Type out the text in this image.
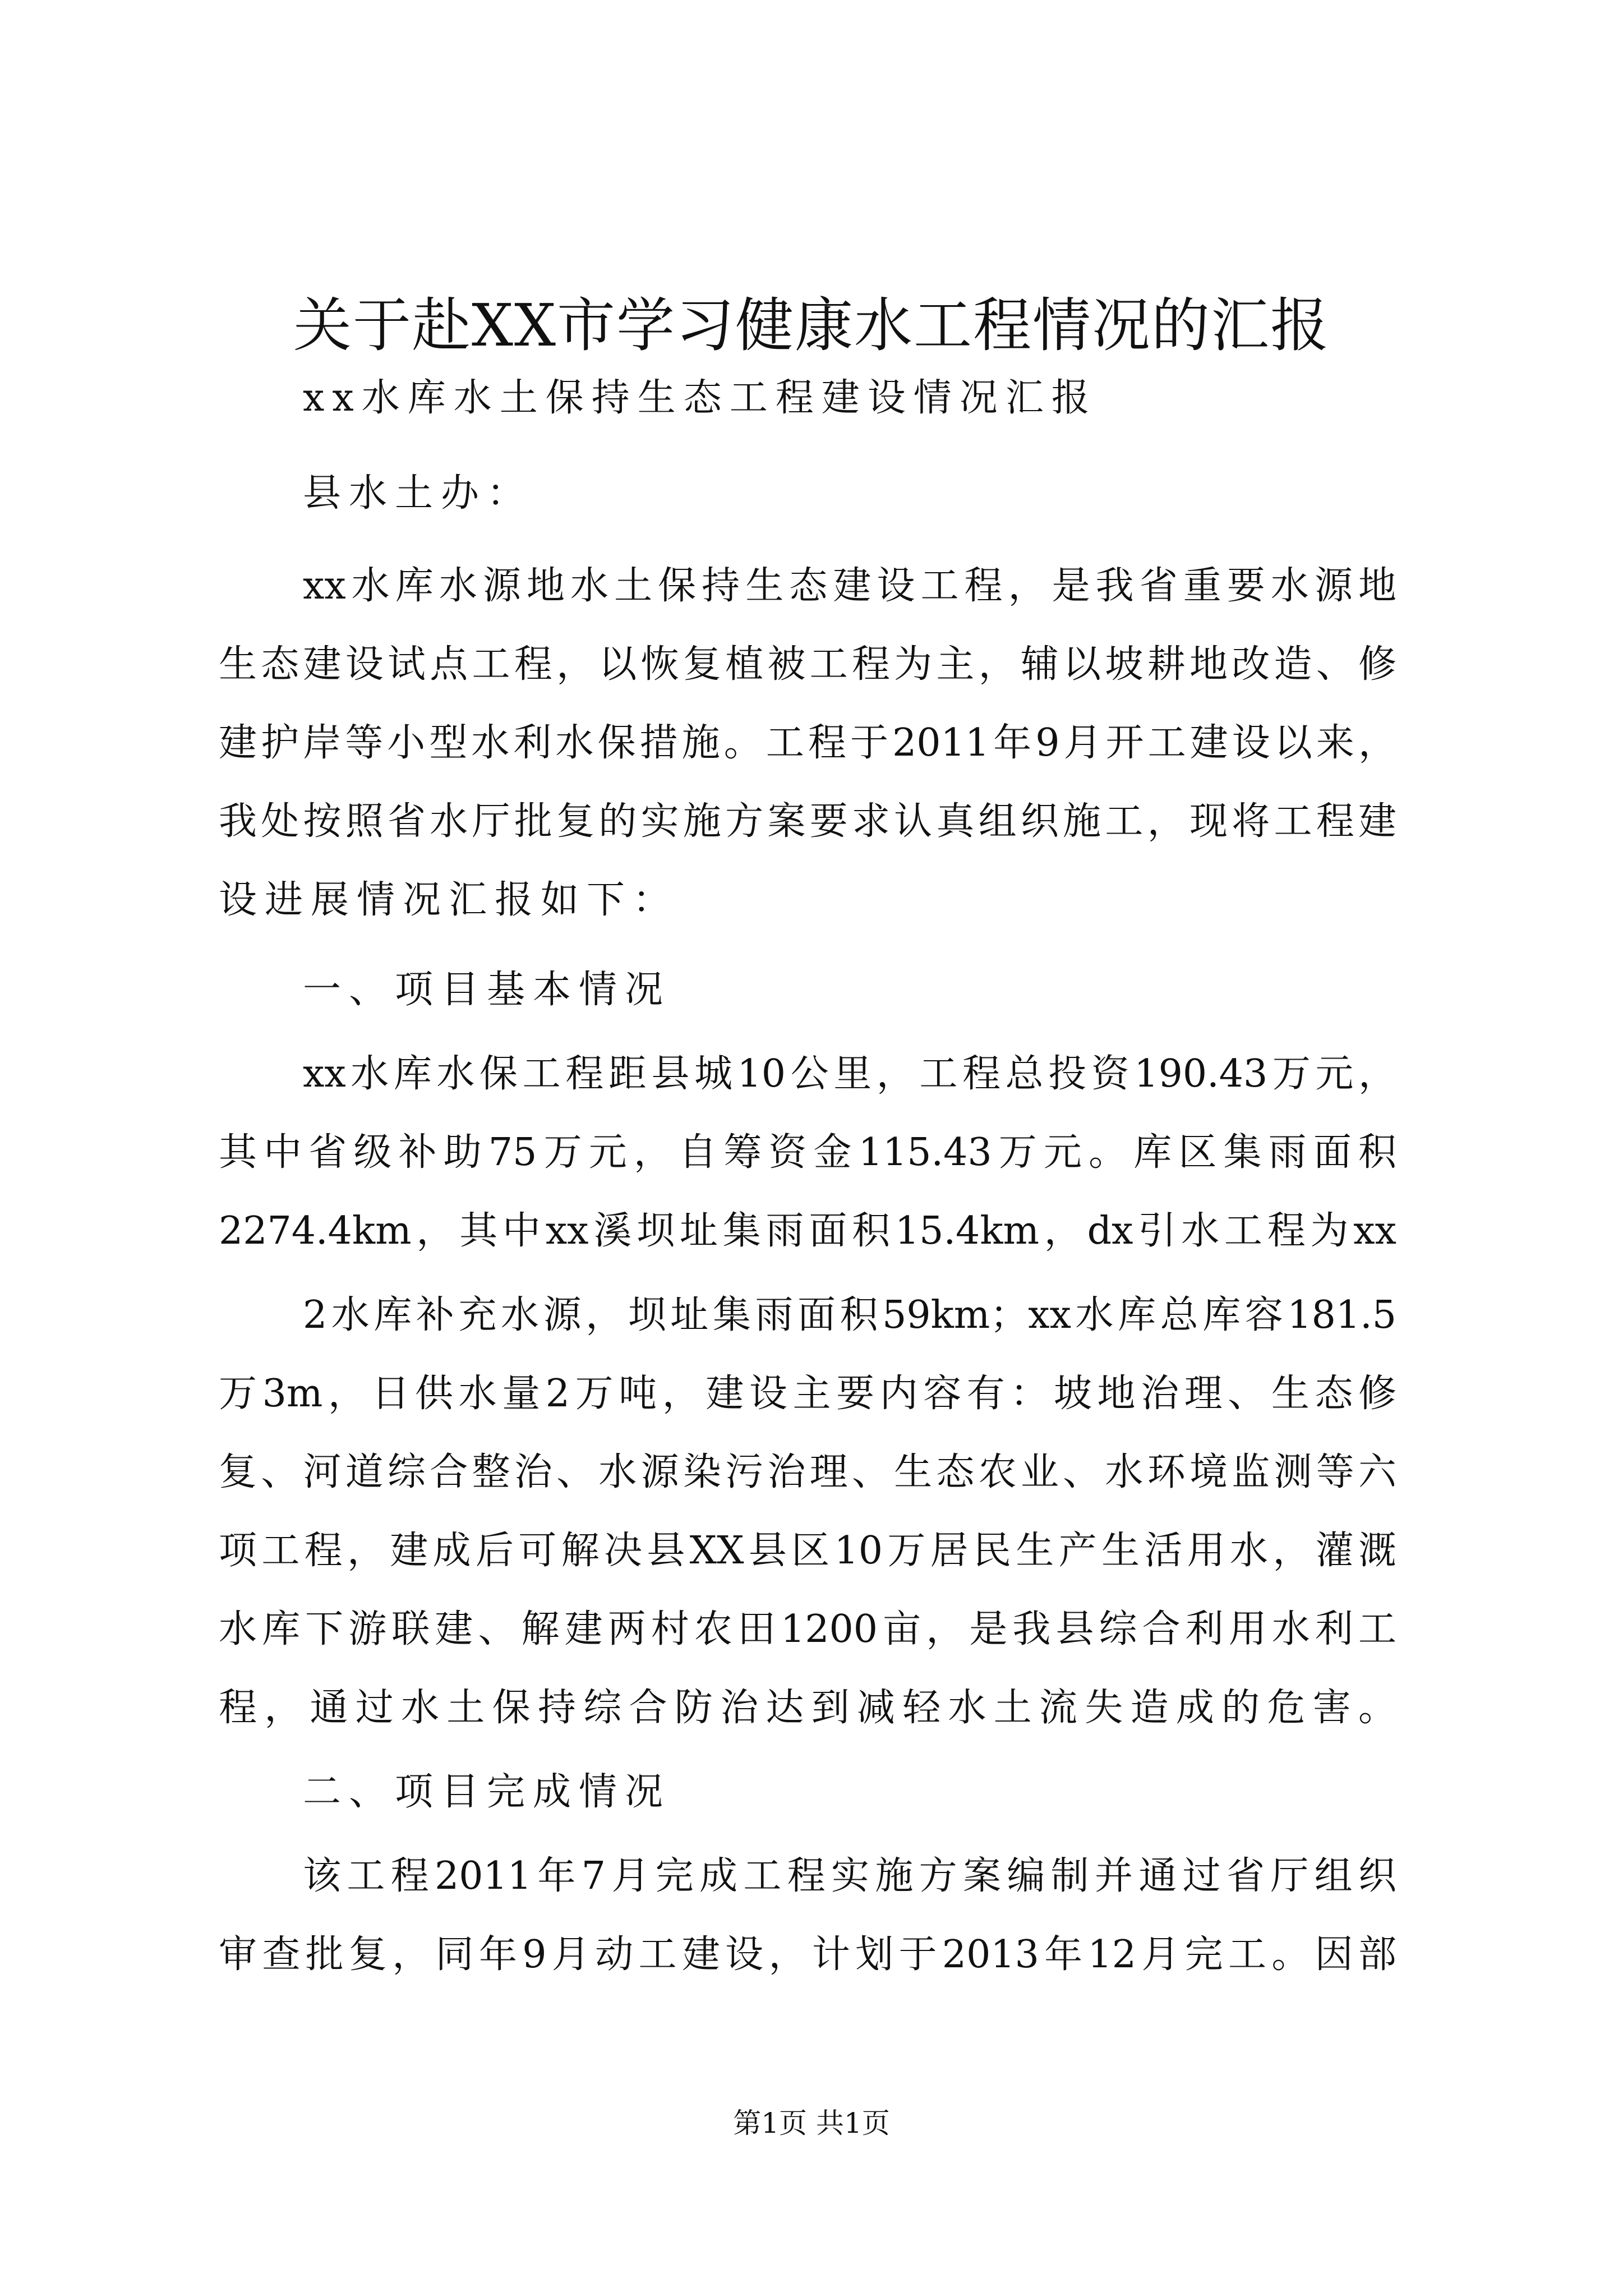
关于赴XX市学习健康水工程情况的汇报
xx水库水土保持生态工程建设情况汇报
县水土办：
xx水库水源地水土保持生态建设工程，是我省重要水源地
生态建设试点工程，以恢复植被工程为主，辅以坡耕地改造、修
建护岸等小型水利水保措施。工程于2011年9月开工建设以来，
我处按照省水厅批复的实施方案要求认真组织施工，现将工程建
设进展情况汇报如下：
一、项目基本情况
xx水库水保工程距县城10公里，工程总投资190.43万元，
其中省级补助75万元，自筹资金115.43万元。库区集雨面积
2274.4km，其中xx溪坝址集雨面积15.4km，dx引水工程为xx
2水库补充水源，坝址集雨面积59km；xx水库总库容181.5
万3m，日供水量2万吨，建设主要内容有：坡地治理、生态修
复、河道综合整治、水源染污治理、生态农业、水环境监测等六
项工程，建成后可解决县XX县区10万居民生产生活用水，灌溉
水库下游联建、解建两村农田1200亩，是我县综合利用水利工
程，通过水土保持综合防治达到减轻水土流失造成的危害。
二、项目完成情况
该工程2011年7月完成工程实施方案编制并通过省厅组织
审查批复，同年9月动工建设，计划于2013年12月完工。因部
第1页 共1页
